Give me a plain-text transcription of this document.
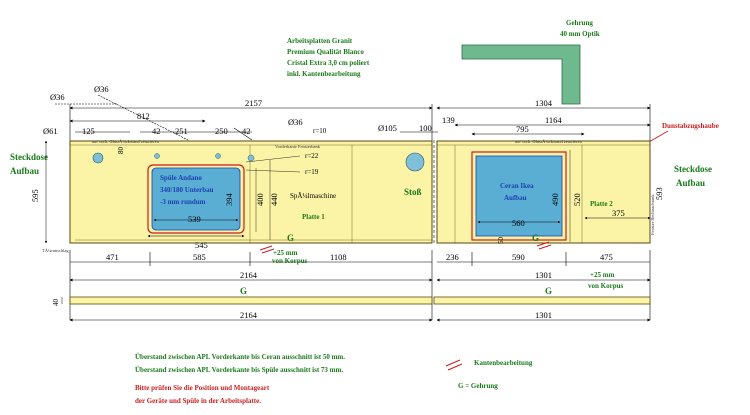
Arbeitsplatten Granit
Premium Qualität Blanco
Cristal Extra 3,0 cm poliert
inkl. Kantenbearbeitung
Gehrung
40 mm Optik
Dunstabzugshaube
Steckdose
Aufbau	Steckdose
Aufbau
Ø36
Ø36
2157	1304
812
Ø61	125	42 251	250 42
Ø36
r=10	Ø105	100
139	1164
795
auf vorh. GlasrÃ¼ckwand zentrieren
Vorderkante Fensterbank
auf vorh. GlasrÃ¼ckwand zentrieren
TÃ¼ranschlag
Fenster Rechtsschrank
Spüle Andano
340/180 Unterbau
-3 mm rundum
539
394 400 440
545
r=22
r=19
80
SpÃ¼lmaschine
Platte 1
G
595
+25 mm
Stoß
Ceran Ikea
Aufbau
560
490 520
50
Platte 2
375
G
593
471	585	1108	236	590	475
von Korpus
+25 mm
von Korpus
2164	1301
40
G	G
2164	1301
Überstand zwischen APL Vorderkante bis Ceran ausschnitt ist 50 mm.
Überstand zwischen APL Vorderkante bis Spüle ausschnitt ist 73 mm.
Bitte prüfen Sie die Position und Montageart
der Geräte und Spüle in der Arbeitsplatte.
Kantenbearbeitung
G = Gehrung
